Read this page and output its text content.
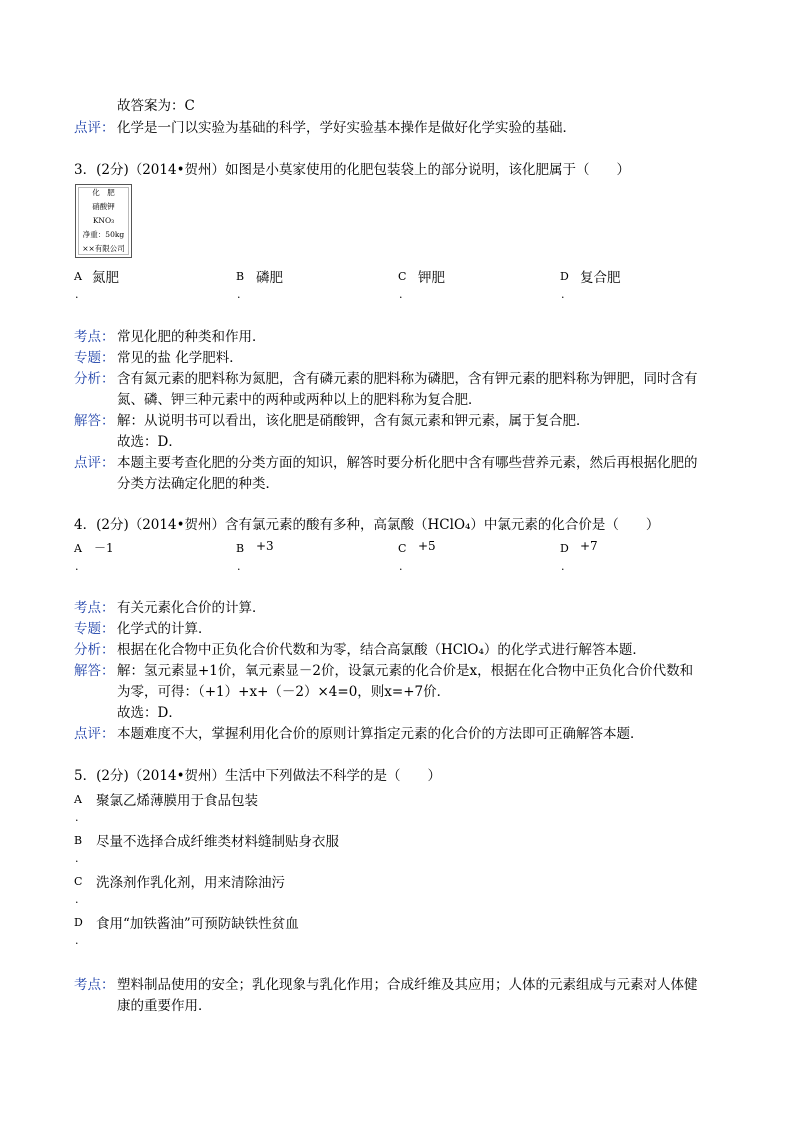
故答案为：C
点评： 化学是一门以实验为基础的科学，学好实验基本操作是做好化学实验的基础．
3．(2分)（2014•贺州）如图是小莫家使用的化肥包装袋上的部分说明，该化肥属于（　　）
化　肥
硝酸钾
KNO₃
净重：50kg
××有限公司
A
.
氮肥	B
.
磷肥	C
.
钾肥	D
.
复合肥
考点： 常见化肥的种类和作用．
专题： 常见的盐 化学肥料．
分析： 含有氮元素的肥料称为氮肥，含有磷元素的肥料称为磷肥，含有钾元素的肥料称为钾肥，同时含有
氮、磷、钾三种元素中的两种或两种以上的肥料称为复合肥．
解答： 解：从说明书可以看出，该化肥是硝酸钾，含有氮元素和钾元素，属于复合肥．
故选：D．
点评： 本题主要考查化肥的分类方面的知识，解答时要分析化肥中含有哪些营养元素，然后再根据化肥的
分类方法确定化肥的种类．
4．(2分)（2014•贺州）含有氯元素的酸有多种，高氯酸（HClO₄）中氯元素的化合价是（　　）
A
.
－1	B
.
+3	C
.
+5	D
.
+7
考点： 有关元素化合价的计算．
专题： 化学式的计算．
分析： 根据在化合物中正负化合价代数和为零，结合高氯酸（HClO₄）的化学式进行解答本题．
解答： 解：氢元素显+1价，氧元素显－2价，设氯元素的化合价是x，根据在化合物中正负化合价代数和
为零，可得：（+1）+x+（－2）×4=0，则x=+7价．
故选：D．
点评： 本题难度不大，掌握利用化合价的原则计算指定元素的化合价的方法即可正确解答本题．
5．(2分)（2014•贺州）生活中下列做法不科学的是（　　）
A
.
聚氯乙烯薄膜用于食品包装
B
.
尽量不选择合成纤维类材料缝制贴身衣服
C
.
洗涤剂作乳化剂，用来清除油污
D
.
食用“加铁酱油”可预防缺铁性贫血
考点： 塑料制品使用的安全；乳化现象与乳化作用；合成纤维及其应用；人体的元素组成与元素对人体健
康的重要作用．
